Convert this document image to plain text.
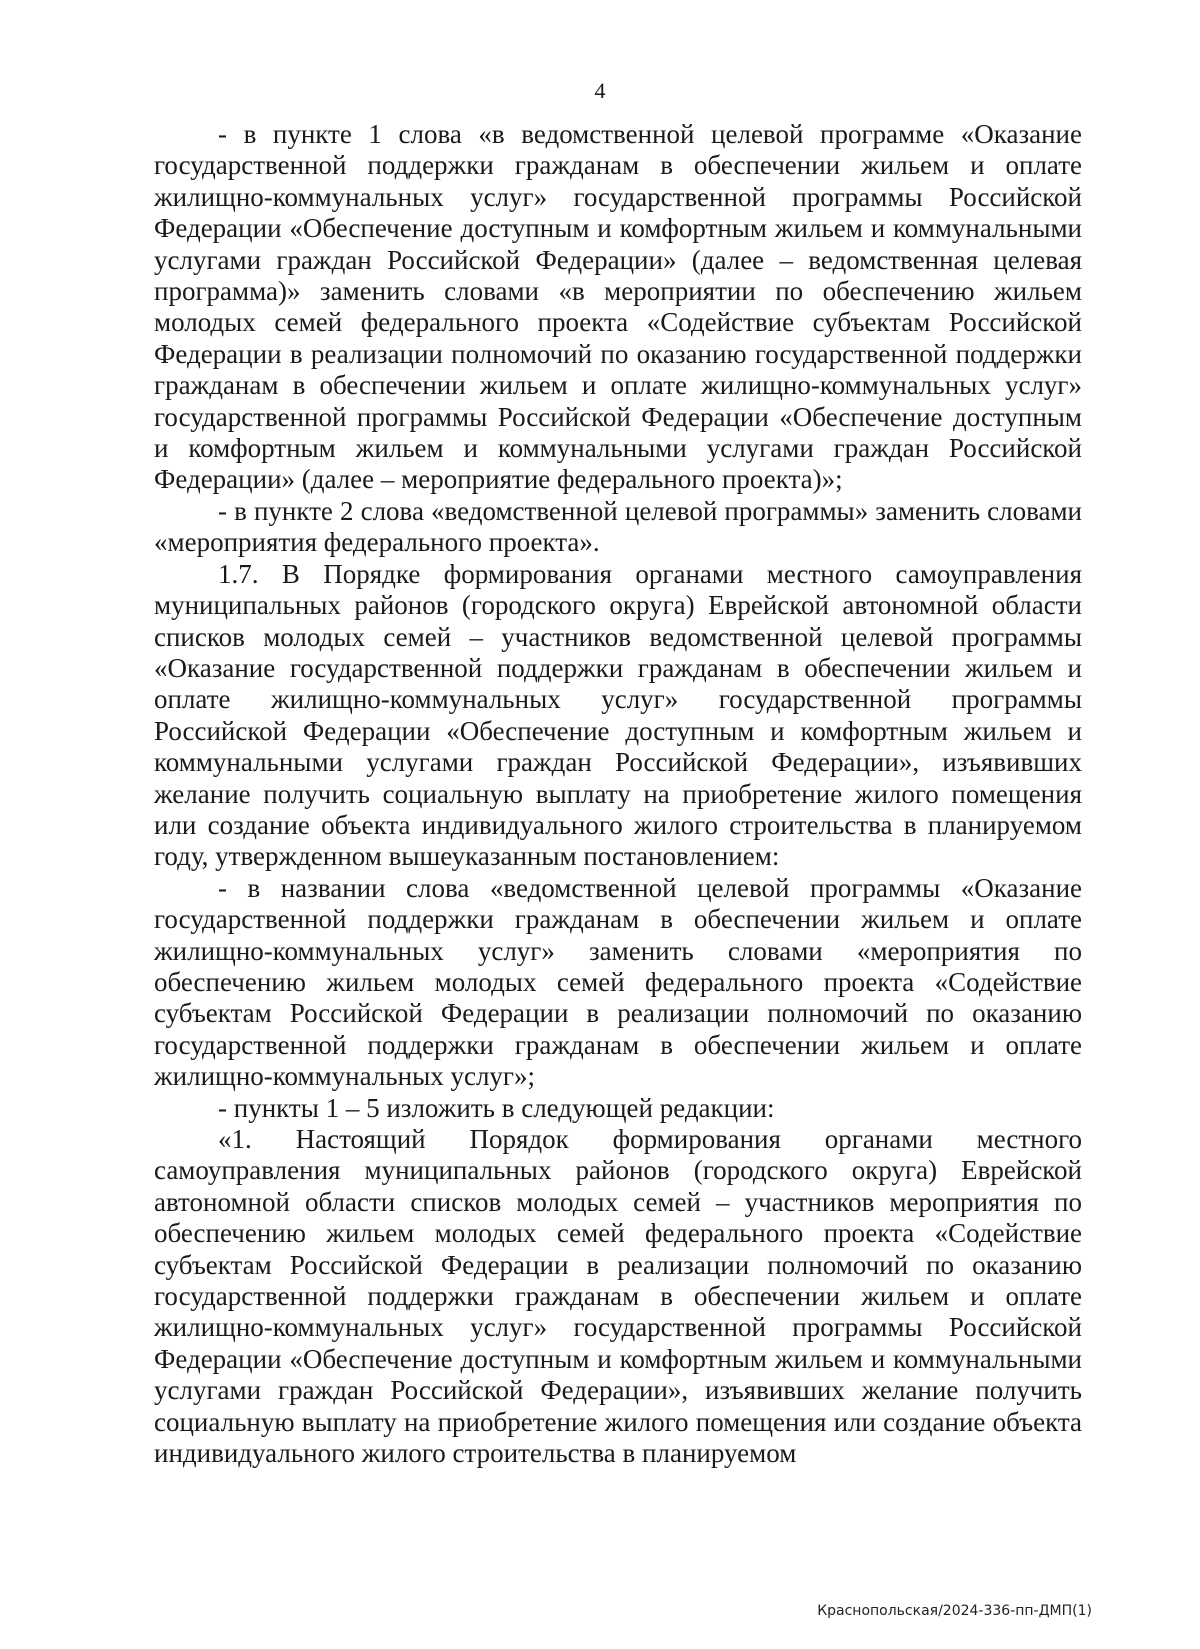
4

- в пункте 1 слова «в ведомственной целевой программе «Оказание государственной поддержки гражданам в обеспечении жильем и оплате жилищно-коммунальных услуг» государственной программы Российской Федерации «Обеспечение доступным и комфортным жильем и коммунальными услугами граждан Российской Федерации» (далее – ведомственная целевая программа)» заменить словами «в мероприятии по обеспечению жильем молодых семей федерального проекта «Содействие субъектам Российской Федерации в реализации полномочий по оказанию государственной поддержки гражданам в обеспечении жильем и оплате жилищно-коммунальных услуг» государственной программы Российской Федерации «Обеспечение доступным и комфортным жильем и коммунальными услугами граждан Российской Федерации» (далее – мероприятие федерального проекта)»;

- в пункте 2 слова «ведомственной целевой программы» заменить словами «мероприятия федерального проекта».

1.7. В Порядке формирования органами местного самоуправления муниципальных районов (городского округа) Еврейской автономной области списков молодых семей – участников ведомственной целевой программы «Оказание государственной поддержки гражданам в обеспечении жильем и оплате жилищно-коммунальных услуг» государственной программы Российской Федерации «Обеспечение доступным и комфортным жильем и коммунальными услугами граждан Российской Федерации», изъявивших желание получить социальную выплату на приобретение жилого помещения или создание объекта индивидуального жилого строительства в планируемом году, утвержденном вышеуказанным постановлением:

- в названии слова «ведомственной целевой программы «Оказание государственной поддержки гражданам в обеспечении жильем и оплате жилищно-коммунальных услуг» заменить словами «мероприятия по обеспечению жильем молодых семей федерального проекта «Содействие субъектам Российской Федерации в реализации полномочий по оказанию государственной поддержки гражданам в обеспечении жильем и оплате жилищно-коммунальных услуг»;

- пункты 1 – 5 изложить в следующей редакции:

«1. Настоящий Порядок формирования органами местного самоуправления муниципальных районов (городского округа) Еврейской автономной области списков молодых семей – участников мероприятия по обеспечению жильем молодых семей федерального проекта «Содействие субъектам Российской Федерации в реализации полномочий по оказанию государственной поддержки гражданам в обеспечении жильем и оплате жилищно-коммунальных услуг» государственной программы Российской Федерации «Обеспечение доступным и комфортным жильем и коммунальными услугами граждан Российской Федерации», изъявивших желание получить социальную выплату на приобретение жилого помещения или создание объекта индивидуального жилого строительства в планируемом

Краснопольская/2024-336-пп-ДМП(1)
